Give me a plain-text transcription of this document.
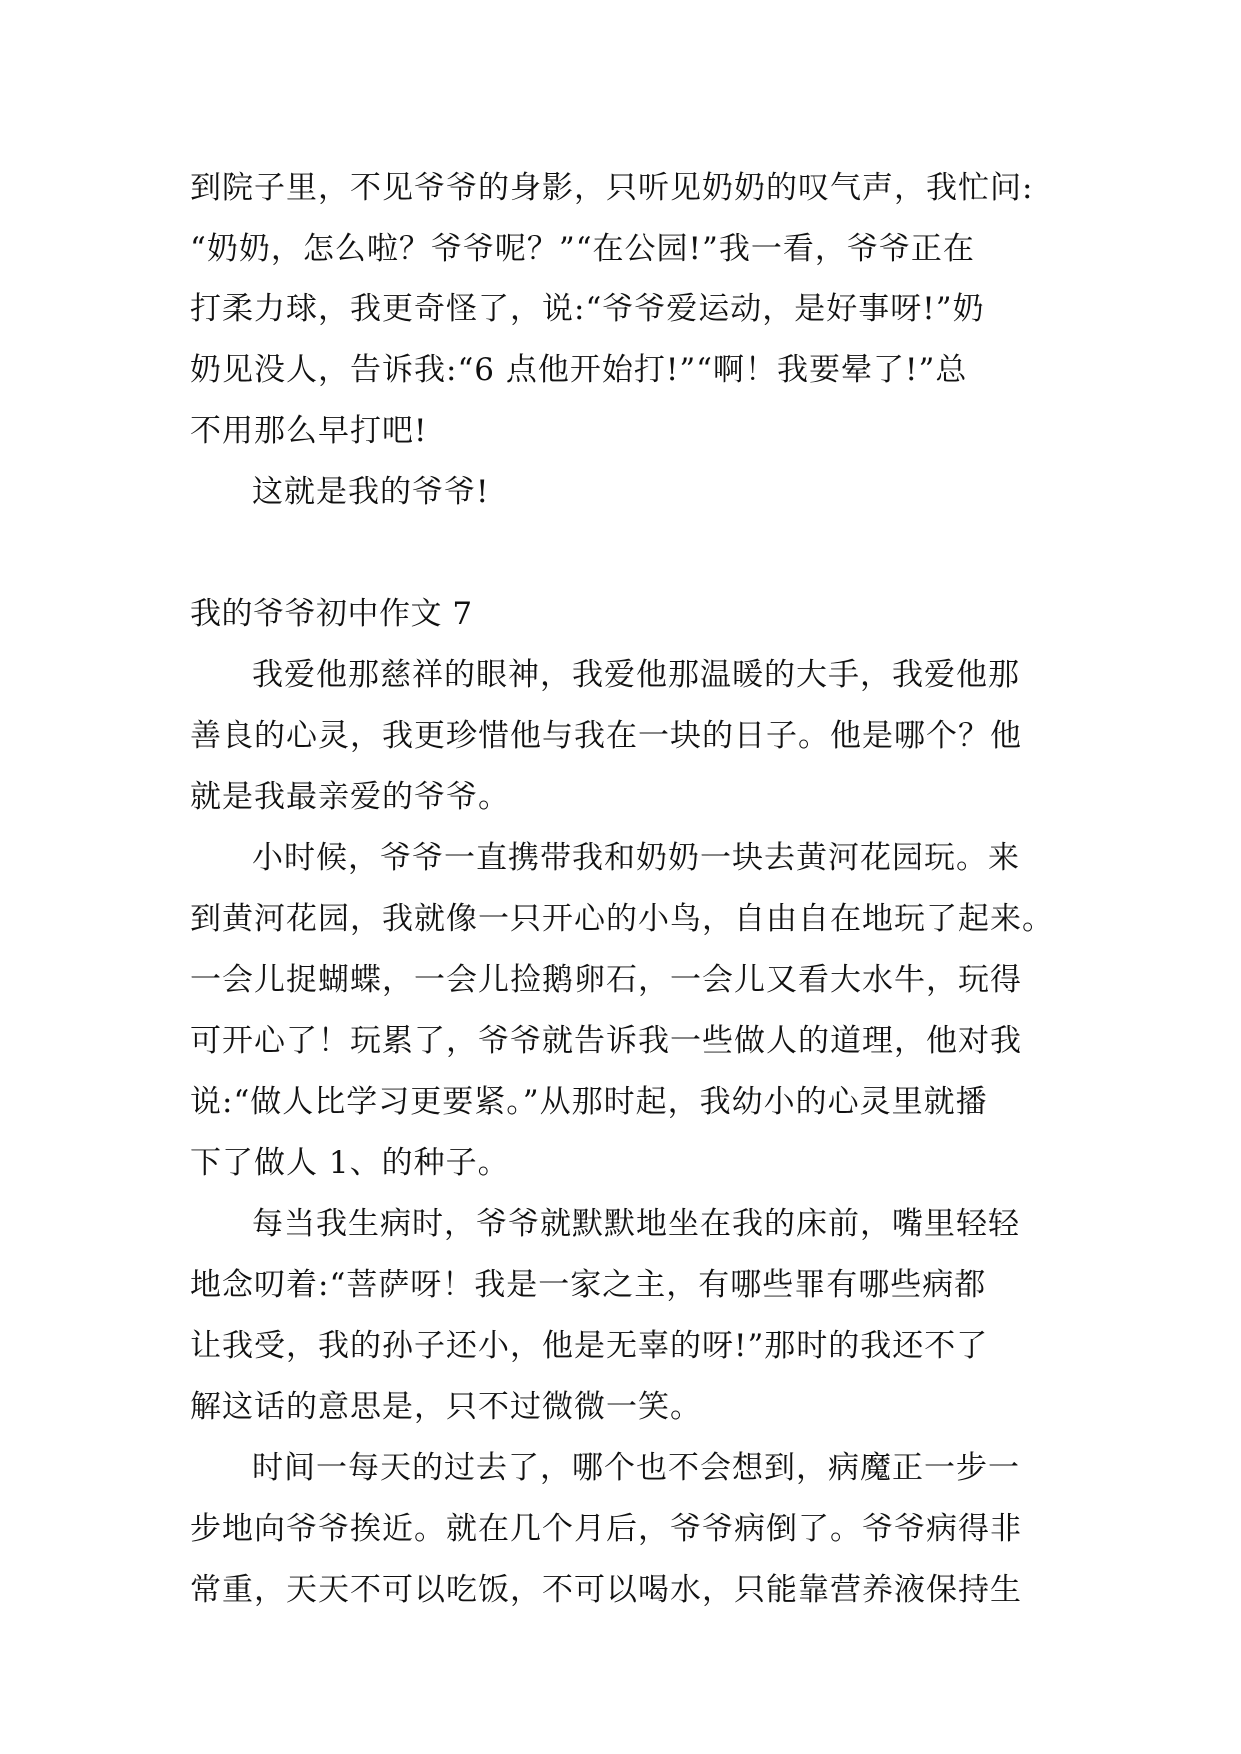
到院子里，不见爷爷的身影，只听见奶奶的叹气声，我忙问:
“奶奶，怎么啦？爷爷呢？”“在公园!”我一看，爷爷正在
打柔力球，我更奇怪了，说:“爷爷爱运动，是好事呀!”奶
奶见没人，告诉我:“6 点他开始打!”“啊！我要晕了!”总
不用那么早打吧!
这就是我的爷爷!
我的爷爷初中作文 7
我爱他那慈祥的眼神，我爱他那温暖的大手，我爱他那
善良的心灵，我更珍惜他与我在一块的日子。他是哪个？他
就是我最亲爱的爷爷。
小时候，爷爷一直携带我和奶奶一块去黄河花园玩。来
到黄河花园，我就像一只开心的小鸟，自由自在地玩了起来。
一会儿捉蝴蝶，一会儿捡鹅卵石，一会儿又看大水牛，玩得
可开心了！玩累了，爷爷就告诉我一些做人的道理，他对我
说:“做人比学习更要紧。”从那时起，我幼小的心灵里就播
下了做人 1、的种子。
每当我生病时，爷爷就默默地坐在我的床前，嘴里轻轻
地念叨着:“菩萨呀！我是一家之主，有哪些罪有哪些病都
让我受，我的孙子还小，他是无辜的呀!”那时的我还不了
解这话的意思是，只不过微微一笑。
时间一每天的过去了，哪个也不会想到，病魔正一步一
步地向爷爷挨近。就在几个月后，爷爷病倒了。爷爷病得非
常重，天天不可以吃饭，不可以喝水，只能靠营养液保持生
